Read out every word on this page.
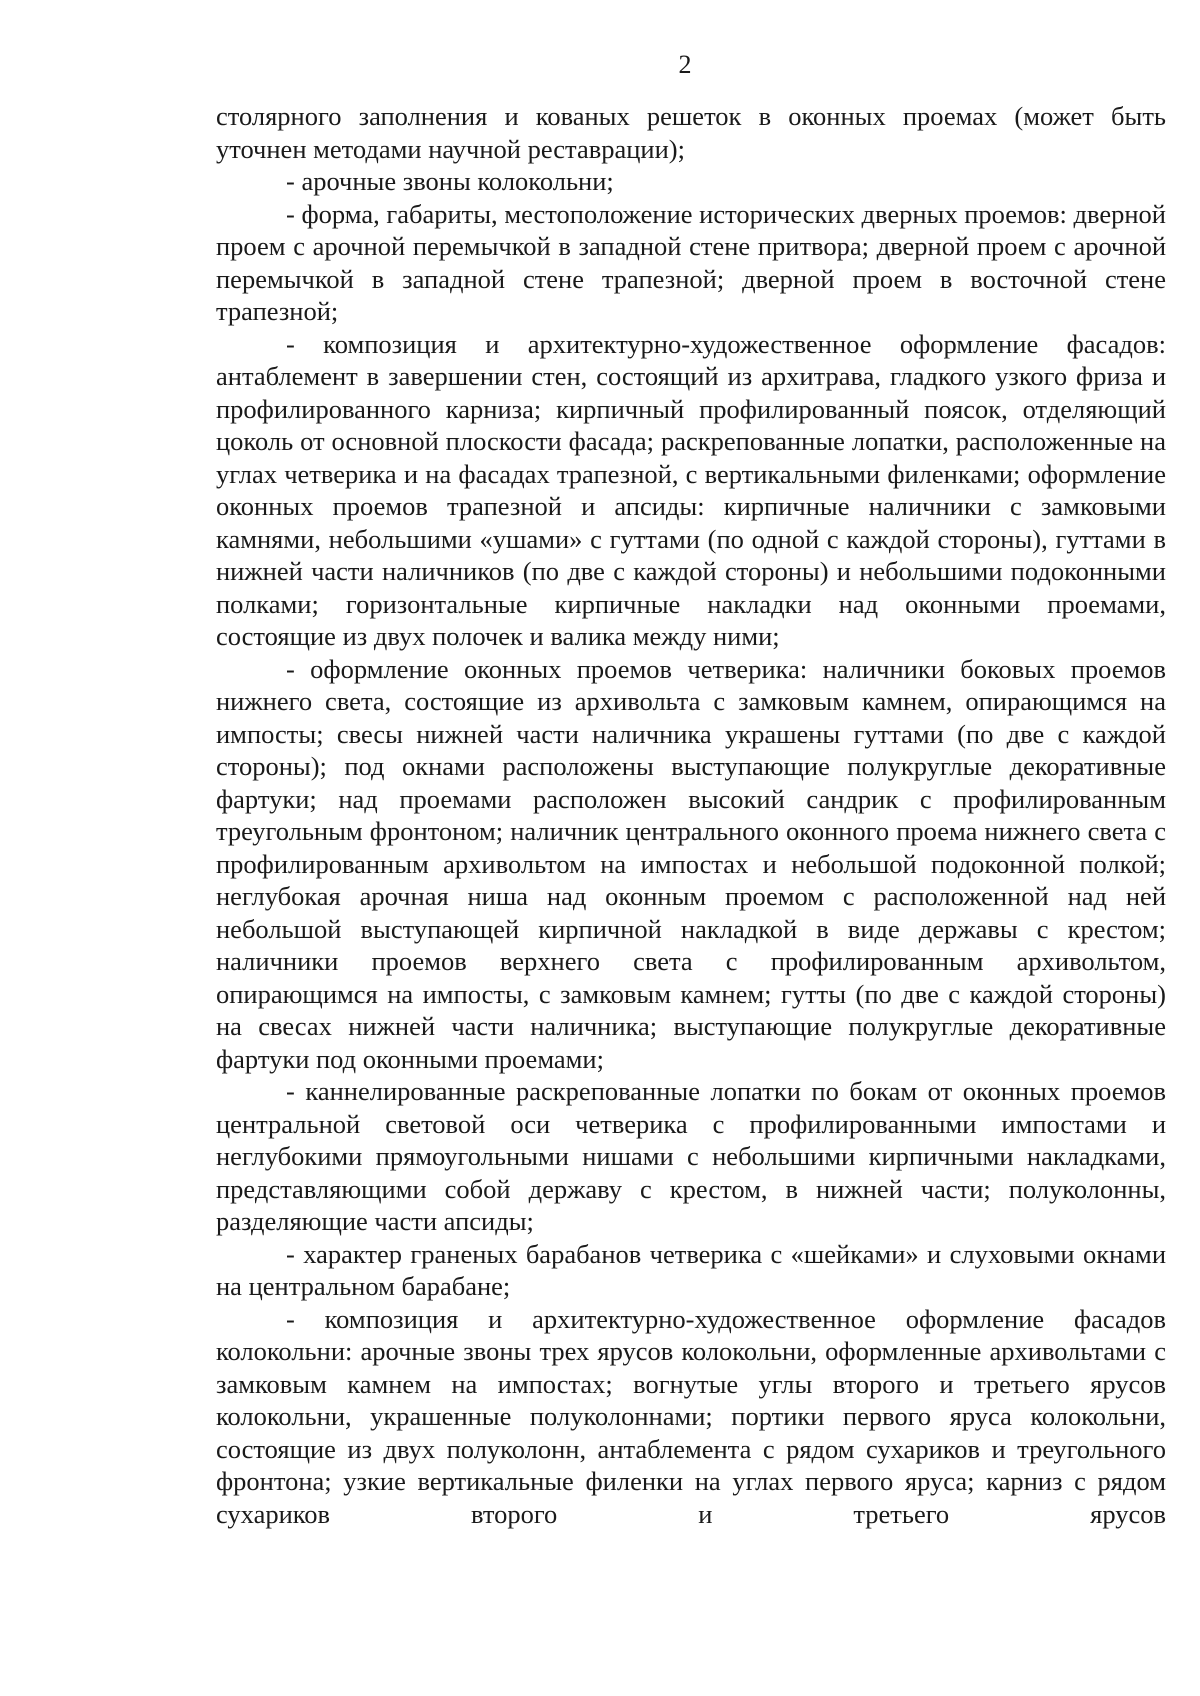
2

столярного заполнения и кованых решеток в оконных проемах (может быть уточнен методами научной реставрации);

- арочные звоны колокольни;

- форма, габариты, местоположение исторических дверных проемов: дверной проем с арочной перемычкой в западной стене притвора; дверной проем с арочной перемычкой в западной стене трапезной; дверной проем в восточной стене трапезной;

- композиция и архитектурно-художественное оформление фасадов: антаблемент в завершении стен, состоящий из архитрава, гладкого узкого фриза и профилированного карниза; кирпичный профилированный поясок, отделяющий цоколь от основной плоскости фасада; раскрепованные лопатки, расположенные на углах четверика и на фасадах трапезной, с вертикальными филенками; оформление оконных проемов трапезной и апсиды: кирпичные наличники с замковыми камнями, небольшими «ушами» с гуттами (по одной с каждой стороны), гуттами в нижней части наличников (по две с каждой стороны) и небольшими подоконными полками; горизонтальные кирпичные накладки над оконными проемами, состоящие из двух полочек и валика между ними;

- оформление оконных проемов четверика: наличники боковых проемов нижнего света, состоящие из архивольта с замковым камнем, опирающимся на импосты; свесы нижней части наличника украшены гуттами (по две с каждой стороны); под окнами расположены выступающие полукруглые декоративные фартуки; над проемами расположен высокий сандрик с профилированным треугольным фронтоном; наличник центрального оконного проема нижнего света с профилированным архивольтом на импостах и небольшой подоконной полкой; неглубокая арочная ниша над оконным проемом с расположенной над ней небольшой выступающей кирпичной накладкой в виде державы с крестом; наличники проемов верхнего света с профилированным архивольтом, опирающимся на импосты, с замковым камнем; гутты (по две с каждой стороны) на свесах нижней части наличника; выступающие полукруглые декоративные фартуки под оконными проемами;

- каннелированные раскрепованные лопатки по бокам от оконных проемов центральной световой оси четверика с профилированными импостами и неглубокими прямоугольными нишами с небольшими кирпичными накладками, представляющими собой державу с крестом, в нижней части; полуколонны, разделяющие части апсиды;

- характер граненых барабанов четверика с «шейками» и слуховыми окнами на центральном барабане;

- композиция и архитектурно-художественное оформление фасадов колокольни: арочные звоны трех ярусов колокольни, оформленные архивольтами с замковым камнем на импостах; вогнутые углы второго и третьего ярусов колокольни, украшенные полуколоннами; портики первого яруса колокольни, состоящие из двух полуколонн, антаблемента с рядом сухариков и треугольного фронтона; узкие вертикальные филенки на углах первого яруса; карниз с рядом сухариков второго и третьего ярусов
